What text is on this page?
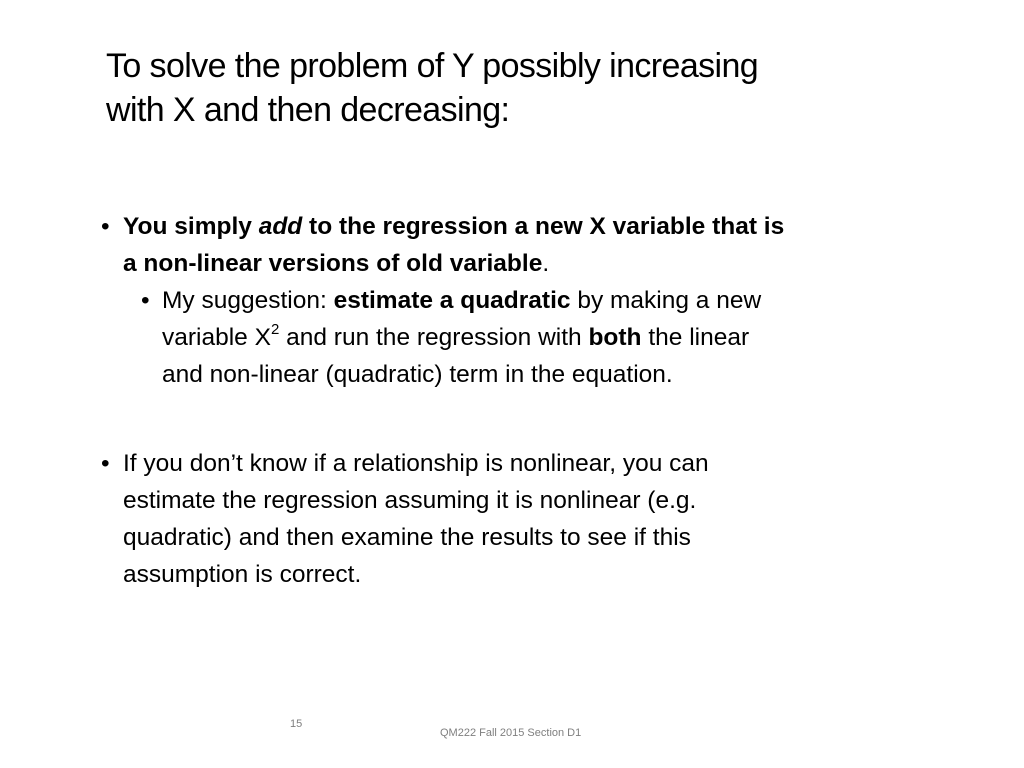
To solve the problem of Y possibly increasing
with X and then decreasing:
• You simply add to the regression a new X variable that is
a non-linear versions of old variable.
• My suggestion: estimate a quadratic by making a new
variable $X^2$ and run the regression with both the linear
and non-linear (quadratic) term in the equation.
• If you don’t know if a relationship is nonlinear, you can
estimate the regression assuming it is nonlinear (e.g.
quadratic) and then examine the results to see if this
assumption is correct.
15
QM222 Fall 2015 Section D1
